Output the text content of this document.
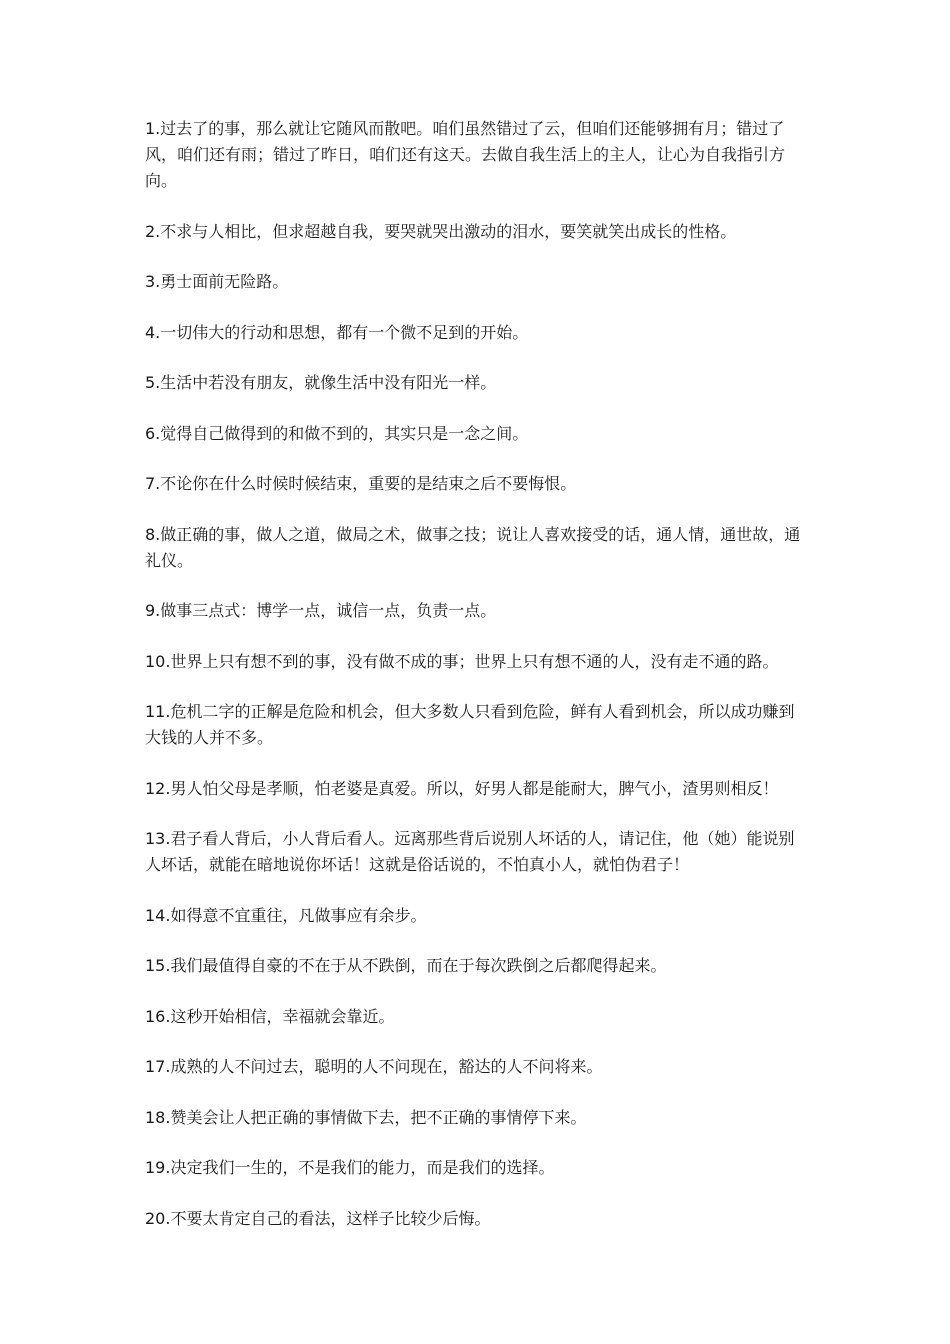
1.过去了的事，那么就让它随风而散吧。咱们虽然错过了云，但咱们还能够拥有月；错过了风，咱们还有雨；错过了昨日，咱们还有这天。去做自我生活上的主人，让心为自我指引方向。

2.不求与人相比，但求超越自我，要哭就哭出激动的泪水，要笑就笑出成长的性格。

3.勇士面前无险路。

4.一切伟大的行动和思想，都有一个微不足到的开始。

5.生活中若没有朋友，就像生活中没有阳光一样。

6.觉得自己做得到的和做不到的，其实只是一念之间。

7.不论你在什么时候时候结束，重要的是结束之后不要悔恨。

8.做正确的事，做人之道，做局之术，做事之技；说让人喜欢接受的话，通人情，通世故，通礼仪。

9.做事三点式：博学一点，诚信一点，负责一点。

10.世界上只有想不到的事，没有做不成的事；世界上只有想不通的人，没有走不通的路。

11.危机二字的正解是危险和机会，但大多数人只看到危险，鲜有人看到机会，所以成功赚到大钱的人并不多。

12.男人怕父母是孝顺，怕老婆是真爱。所以，好男人都是能耐大，脾气小，渣男则相反！

13.君子看人背后，小人背后看人。远离那些背后说别人坏话的人，请记住，他（她）能说别人坏话，就能在暗地说你坏话！这就是俗话说的，不怕真小人，就怕伪君子！

14.如得意不宜重往，凡做事应有余步。

15.我们最值得自豪的不在于从不跌倒，而在于每次跌倒之后都爬得起来。

16.这秒开始相信，幸福就会靠近。

17.成熟的人不问过去，聪明的人不问现在，豁达的人不问将来。

18.赞美会让人把正确的事情做下去，把不正确的事情停下来。

19.决定我们一生的，不是我们的能力，而是我们的选择。

20.不要太肯定自己的看法，这样子比较少后悔。
